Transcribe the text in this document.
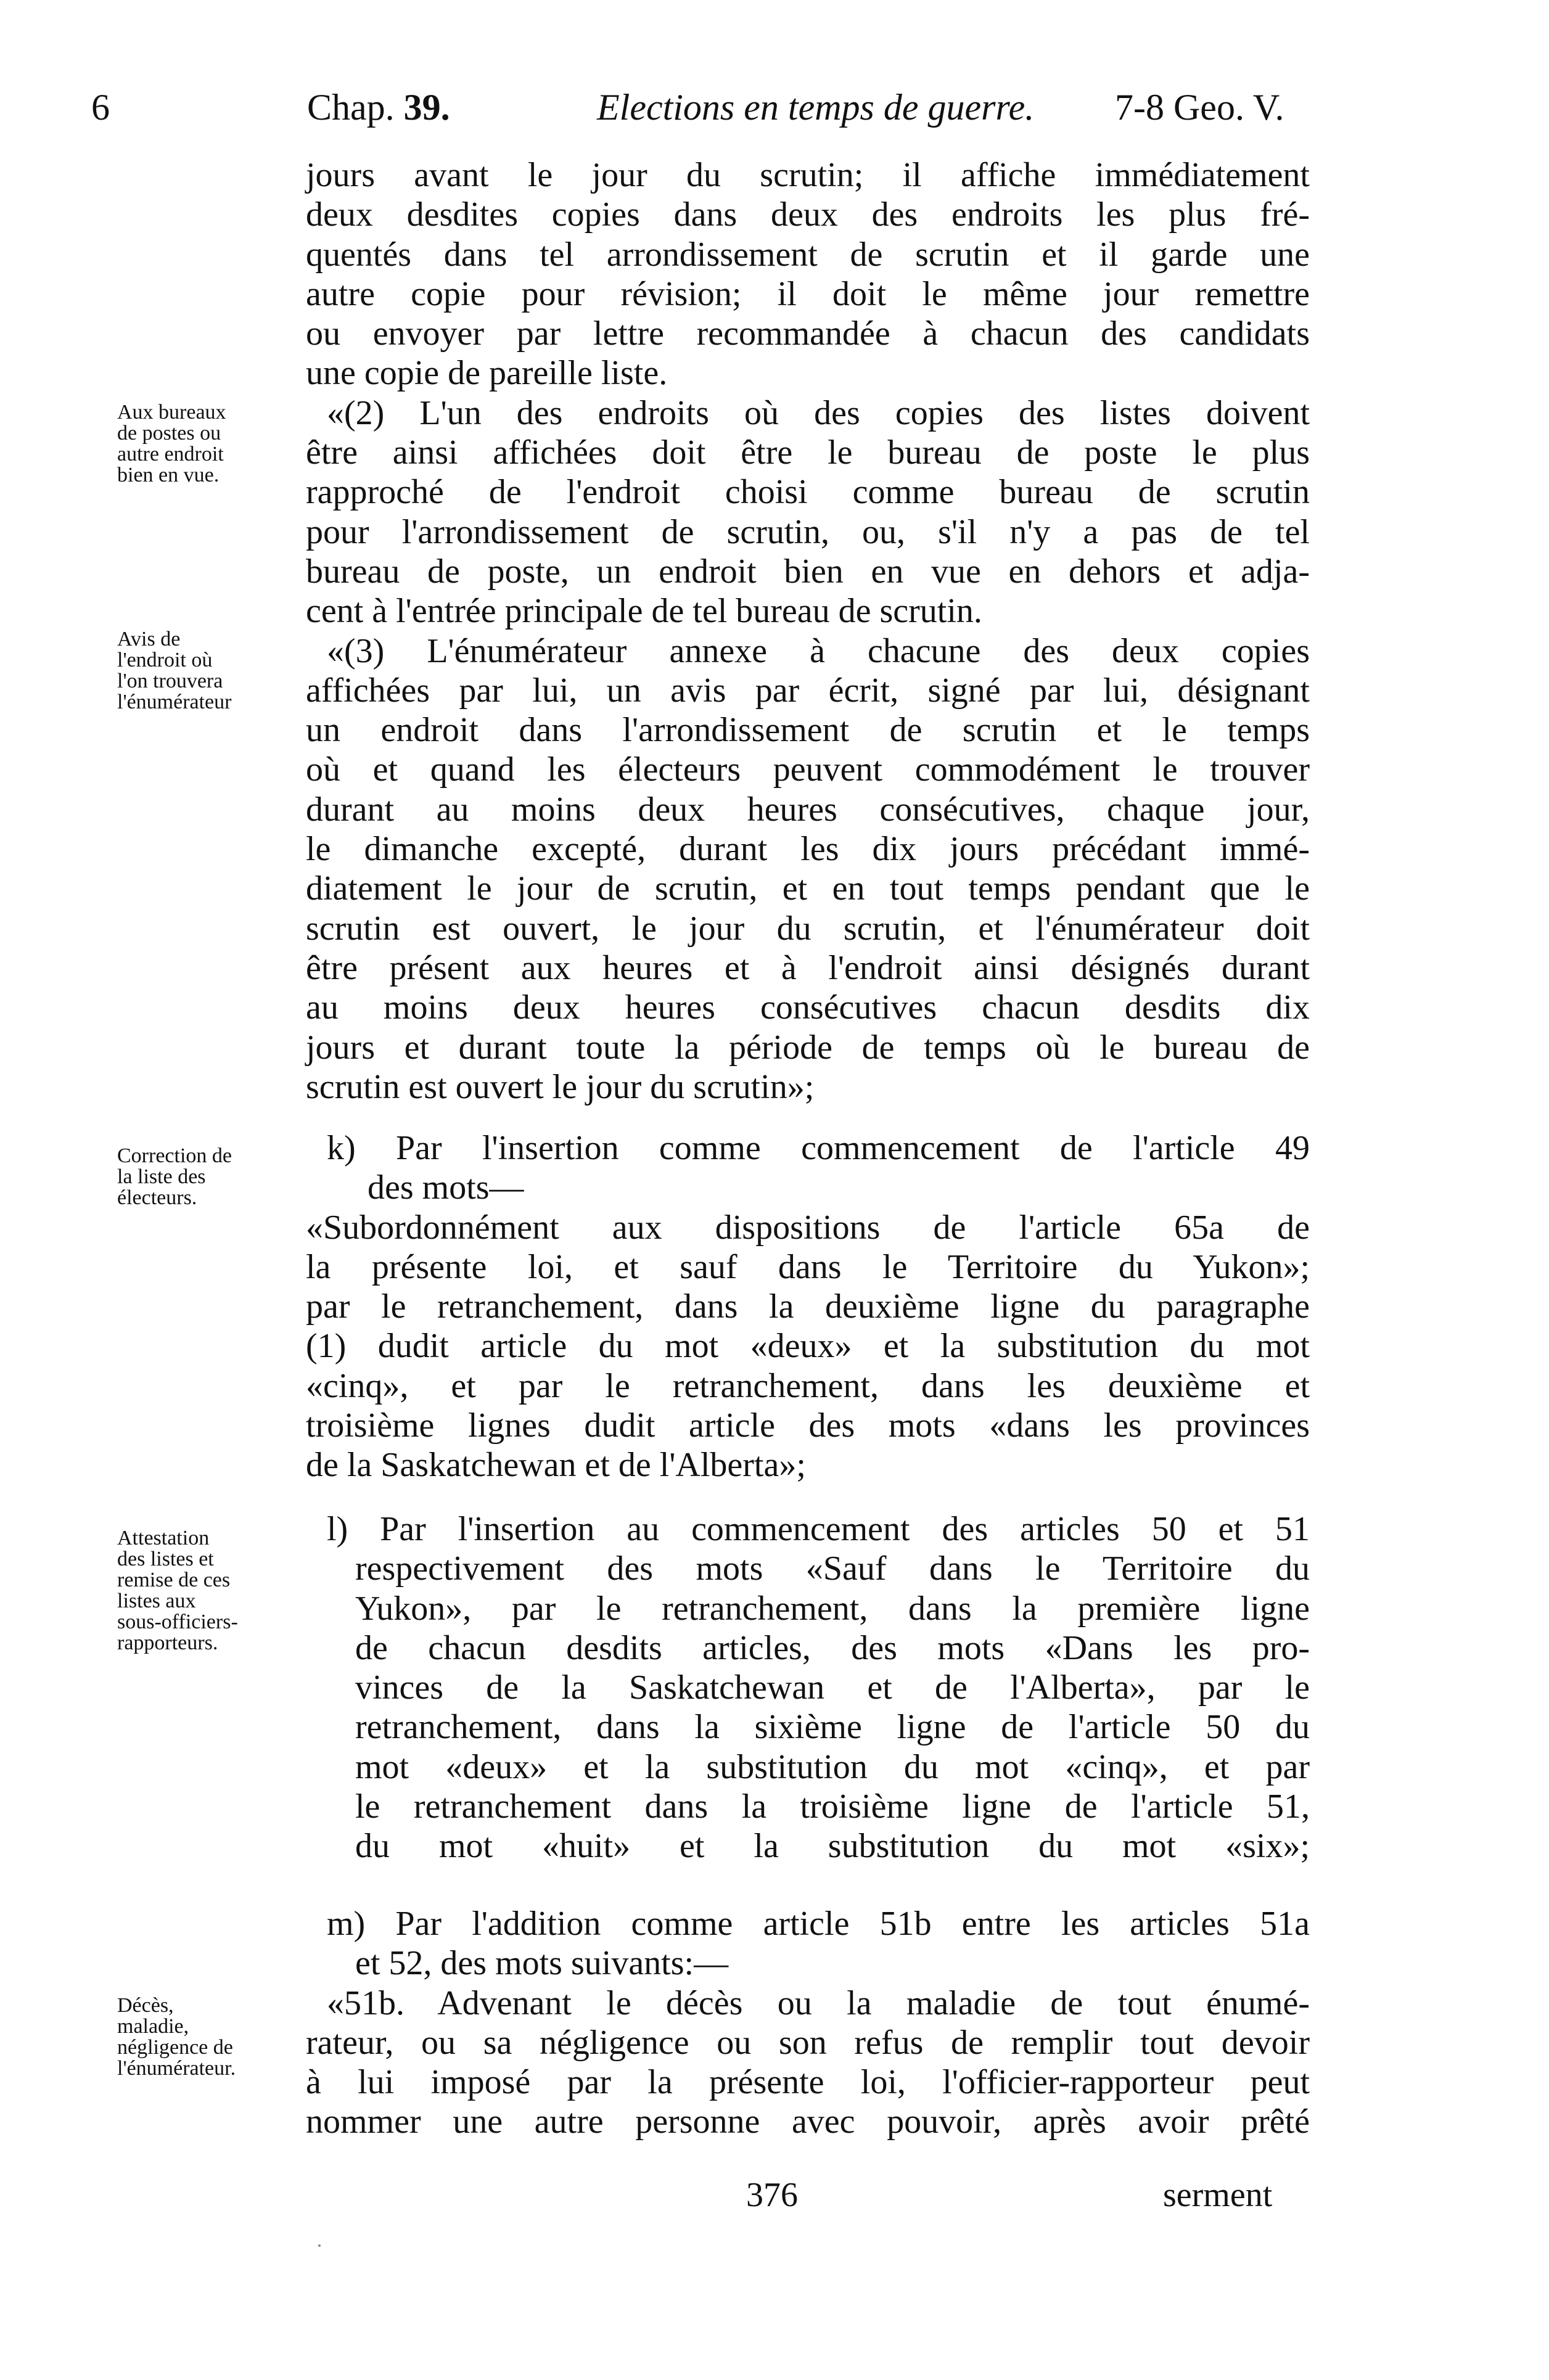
6	Chap. 39.	Elections en temps de guerre. 7-8 Geo. V.
jours avant le jour du scrutin; il affiche immédiatement
deux desdites copies dans deux des endroits les plus fré-
quentés dans tel arrondissement de scrutin et il garde une
autre copie pour révision; il doit le même jour remettre
ou envoyer par lettre recommandée à chacun des candidats
une copie de pareille liste.
«(2) L'un des endroits où des copies des listes doivent
être ainsi affichées doit être le bureau de poste le plus
rapproché de l'endroit choisi comme bureau de scrutin
pour l'arrondissement de scrutin, ou, s'il n'y a pas de tel
bureau de poste, un endroit bien en vue en dehors et adja-
cent à l'entrée principale de tel bureau de scrutin.
«(3) L'énumérateur annexe à chacune des deux copies
affichées par lui, un avis par écrit, signé par lui, désignant
un endroit dans l'arrondissement de scrutin et le temps
où et quand les électeurs peuvent commodément le trouver
durant au moins deux heures consécutives, chaque jour,
le dimanche excepté, durant les dix jours précédant immé-
diatement le jour de scrutin, et en tout temps pendant que le
scrutin est ouvert, le jour du scrutin, et l'énumérateur doit
être présent aux heures et à l'endroit ainsi désignés durant
au moins deux heures consécutives chacun desdits dix
jours et durant toute la période de temps où le bureau de
scrutin est ouvert le jour du scrutin»;
k) Par l'insertion comme commencement de l'article 49
des mots—
«Subordonnément aux dispositions de l'article 65a de
la présente loi, et sauf dans le Territoire du Yukon»;
par le retranchement, dans la deuxième ligne du paragraphe
(1) dudit article du mot «deux» et la substitution du mot
«cinq», et par le retranchement, dans les deuxième et
troisième lignes dudit article des mots «dans les provinces
de la Saskatchewan et de l'Alberta»;
l) Par l'insertion au commencement des articles 50 et 51
respectivement des mots «Sauf dans le Territoire du
Yukon», par le retranchement, dans la première ligne
de chacun desdits articles, des mots «Dans les pro-
vinces de la Saskatchewan et de l'Alberta», par le
retranchement, dans la sixième ligne de l'article 50 du
mot «deux» et la substitution du mot «cinq», et par
le retranchement dans la troisième ligne de l'article 51,
du mot «huit» et la substitution du mot «six»;
m) Par l'addition comme article 51b entre les articles 51a
et 52, des mots suivants:—
«51b. Advenant le décès ou la maladie de tout énumé-
rateur, ou sa négligence ou son refus de remplir tout devoir
à lui imposé par la présente loi, l'officier-rapporteur peut
nommer une autre personne avec pouvoir, après avoir prêté
376	serment
Aux bureaux
de postes ou
autre endroit
bien en vue.
Avis de
l'endroit où
l'on trouvera
l'énumérateur
Correction de
la liste des
électeurs.
Attestation
des listes et
remise de ces
listes aux
sous-officiers-
rapporteurs.
Décès,
maladie,
négligence de
l'énumérateur.
